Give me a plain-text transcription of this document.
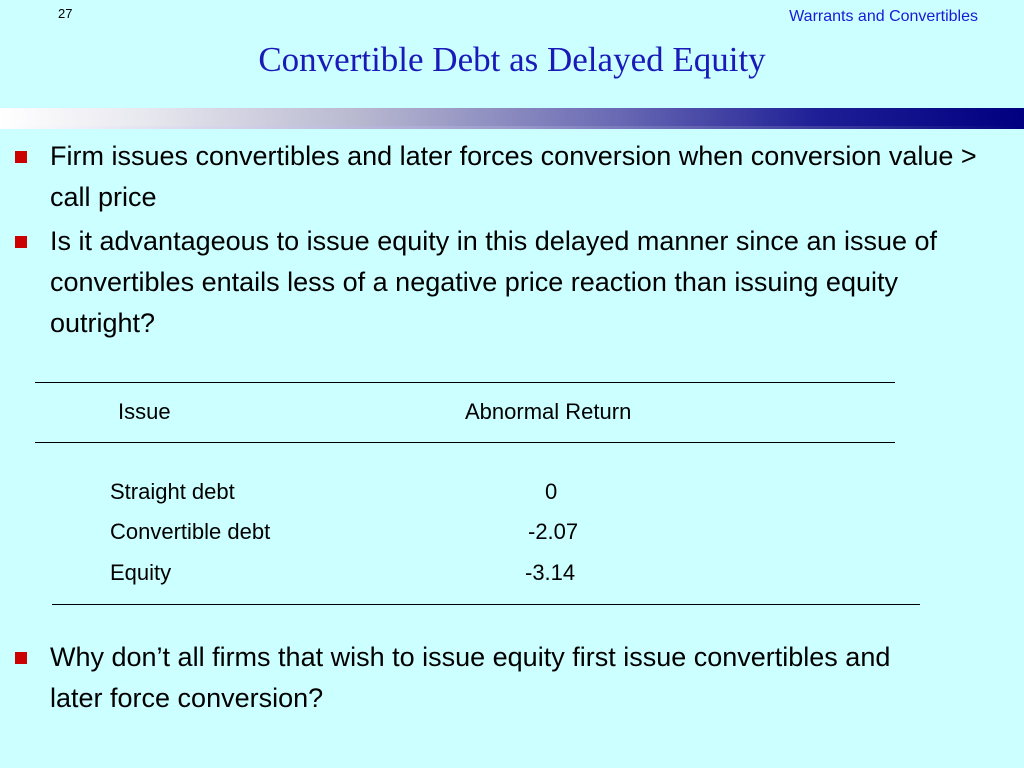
27	Warrants and Convertibles
Convertible Debt as Delayed Equity
Firm issues convertibles and later forces conversion when conversion value > call price
Is it advantageous to issue equity in this delayed manner since an issue of convertibles entails less of a negative price reaction than issuing equity outright?
Issue	Abnormal Return
Straight debt	0
Convertible debt	-2.07
Equity	-3.14
Why don’t all firms that wish to issue equity first issue convertibles and later force conversion?
